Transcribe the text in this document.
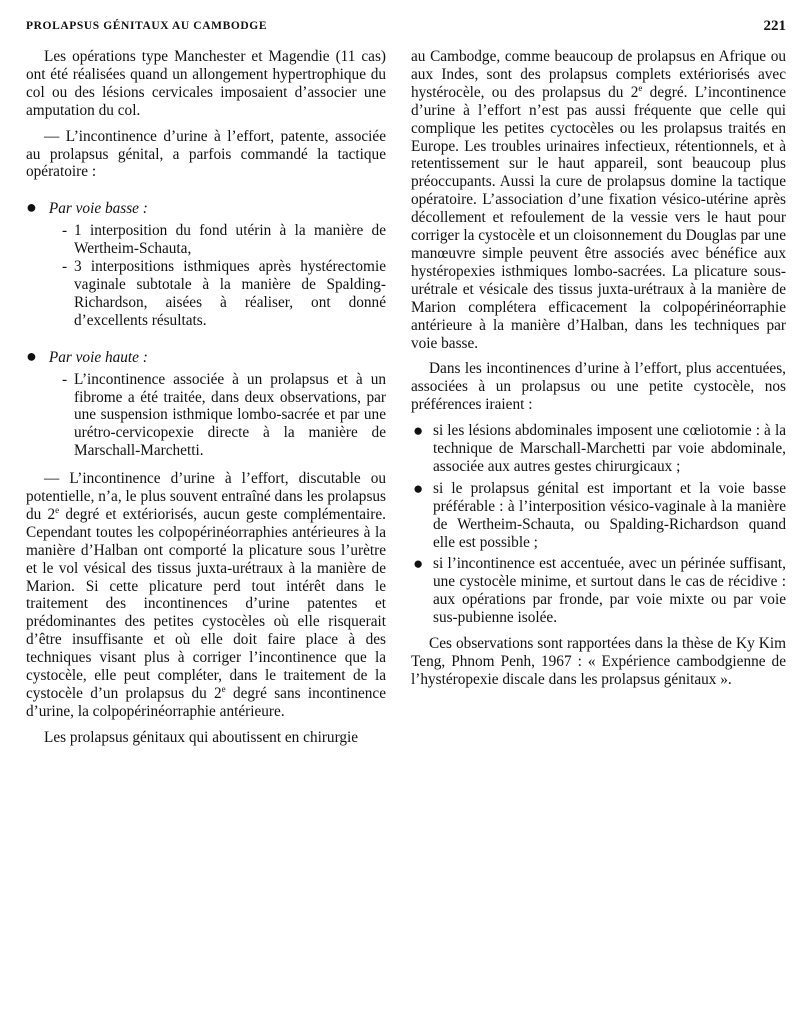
PROLAPSUS GÉNITAUX AU CAMBODGE	221

Les opérations type Manchester et Magendie (11 cas) ont été réalisées quand un allongement hypertrophique du col ou des lésions cervicales imposaient d’associer une amputation du col.

— L’incontinence d’urine à l’effort, patente, associée au prolapsus génital, a parfois commandé la tactique opératoire :

● Par voie basse :
- 1 interposition du fond utérin à la manière de Wertheim-Schauta,
- 3 interpositions isthmiques après hystérectomie vaginale subtotale à la manière de Spalding-Richardson, aisées à réaliser, ont donné d’excellents résultats.
● Par voie haute :
- L’incontinence associée à un prolapsus et à un fibrome a été traitée, dans deux observations, par une suspension isthmique lombo-sacrée et par une urétro-cervicopexie directe à la manière de Marschall-Marchetti.

— L’incontinence d’urine à l’effort, discutable ou potentielle, n’a, le plus souvent entraîné dans les prolapsus du 2e degré et extériorisés, aucun geste complémentaire. Cependant toutes les colpopérinéorraphies antérieures à la manière d’Halban ont comporté la plicature sous l’urètre et le vol vésical des tissus juxta-urétraux à la manière de Marion. Si cette plicature perd tout intérêt dans le traitement des incontinences d’urine patentes et prédominantes des petites cystocèles où elle risquerait d’être insuffisante et où elle doit faire place à des techniques visant plus à corriger l’incontinence que la cystocèle, elle peut compléter, dans le traitement de la cystocèle d’un prolapsus du 2e degré sans incontinence d’urine, la colpopérinéorraphie antérieure.

Les prolapsus génitaux qui aboutissent en chirurgie

au Cambodge, comme beaucoup de prolapsus en Afrique ou aux Indes, sont des prolapsus complets extériorisés avec hystérocèle, ou des prolapsus du 2e degré. L’incontinence d’urine à l’effort n’est pas aussi fréquente que celle qui complique les petites cyctocèles ou les prolapsus traités en Europe. Les troubles urinaires infectieux, rétentionnels, et à retentissement sur le haut appareil, sont beaucoup plus préoccupants. Aussi la cure de prolapsus domine la tactique opératoire. L’association d’une fixation vésico-utérine après décollement et refoulement de la vessie vers le haut pour corriger la cystocèle et un cloisonnement du Douglas par une manœuvre simple peuvent être associés avec bénéfice aux hystéropexies isthmiques lombo-sacrées. La plicature sous-urétrale et vésicale des tissus juxta-urétraux à la manière de Marion complétera efficacement la colpopérinéorraphie antérieure à la manière d’Halban, dans les techniques par voie basse.

Dans les incontinences d’urine à l’effort, plus accentuées, associées à un prolapsus ou une petite cystocèle, nos préférences iraient :

● si les lésions abdominales imposent une cœliotomie : à la technique de Marschall-Marchetti par voie abdominale, associée aux autres gestes chirurgicaux ;
● si le prolapsus génital est important et la voie basse préférable : à l’interposition vésico-vaginale à la manière de Wertheim-Schauta, ou Spalding-Richardson quand elle est possible ;
● si l’incontinence est accentuée, avec un périnée suffisant, une cystocèle minime, et surtout dans le cas de récidive : aux opérations par fronde, par voie mixte ou par voie sus-pubienne isolée.

Ces observations sont rapportées dans la thèse de Ky Kim Teng, Phnom Penh, 1967 : « Expérience cambodgienne de l’hystéropexie discale dans les prolapsus génitaux ».
